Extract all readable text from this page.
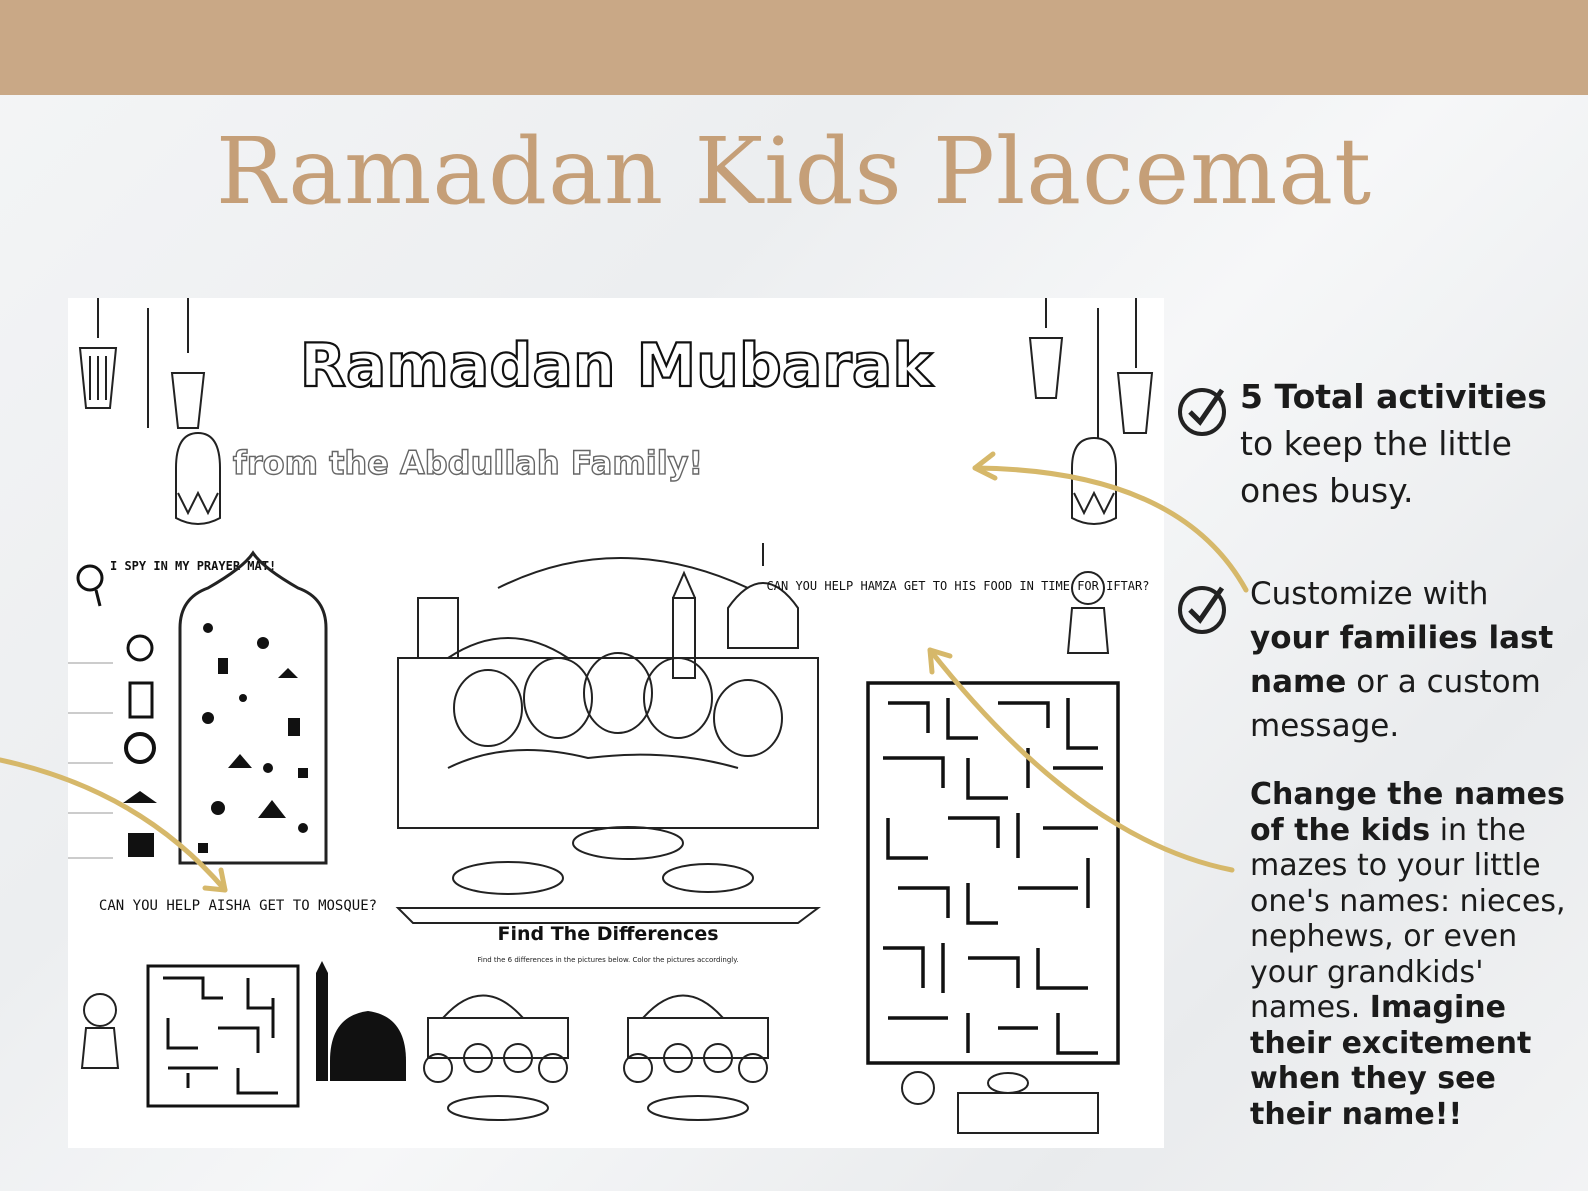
Ramadan Kids Placemat
Ramadan Mubarak
from the Abdullah Family!
I SPY IN MY PRAYER MAT!
Find The Differences
Find the 6 differences in the pictures below. Color the pictures accordingly.
CAN YOU HELP AISHA GET TO MOSQUE?
CAN YOU HELP HAMZA GET TO HIS FOOD IN TIME FOR IFTAR?
5 Total activities to keep the little ones busy.
Customize with your families last name or a custom message.
Change the names of the kids in the mazes to your little one's names: nieces, nephews, or even your grandkids' names. Imagine their excitement when they see their name!!
